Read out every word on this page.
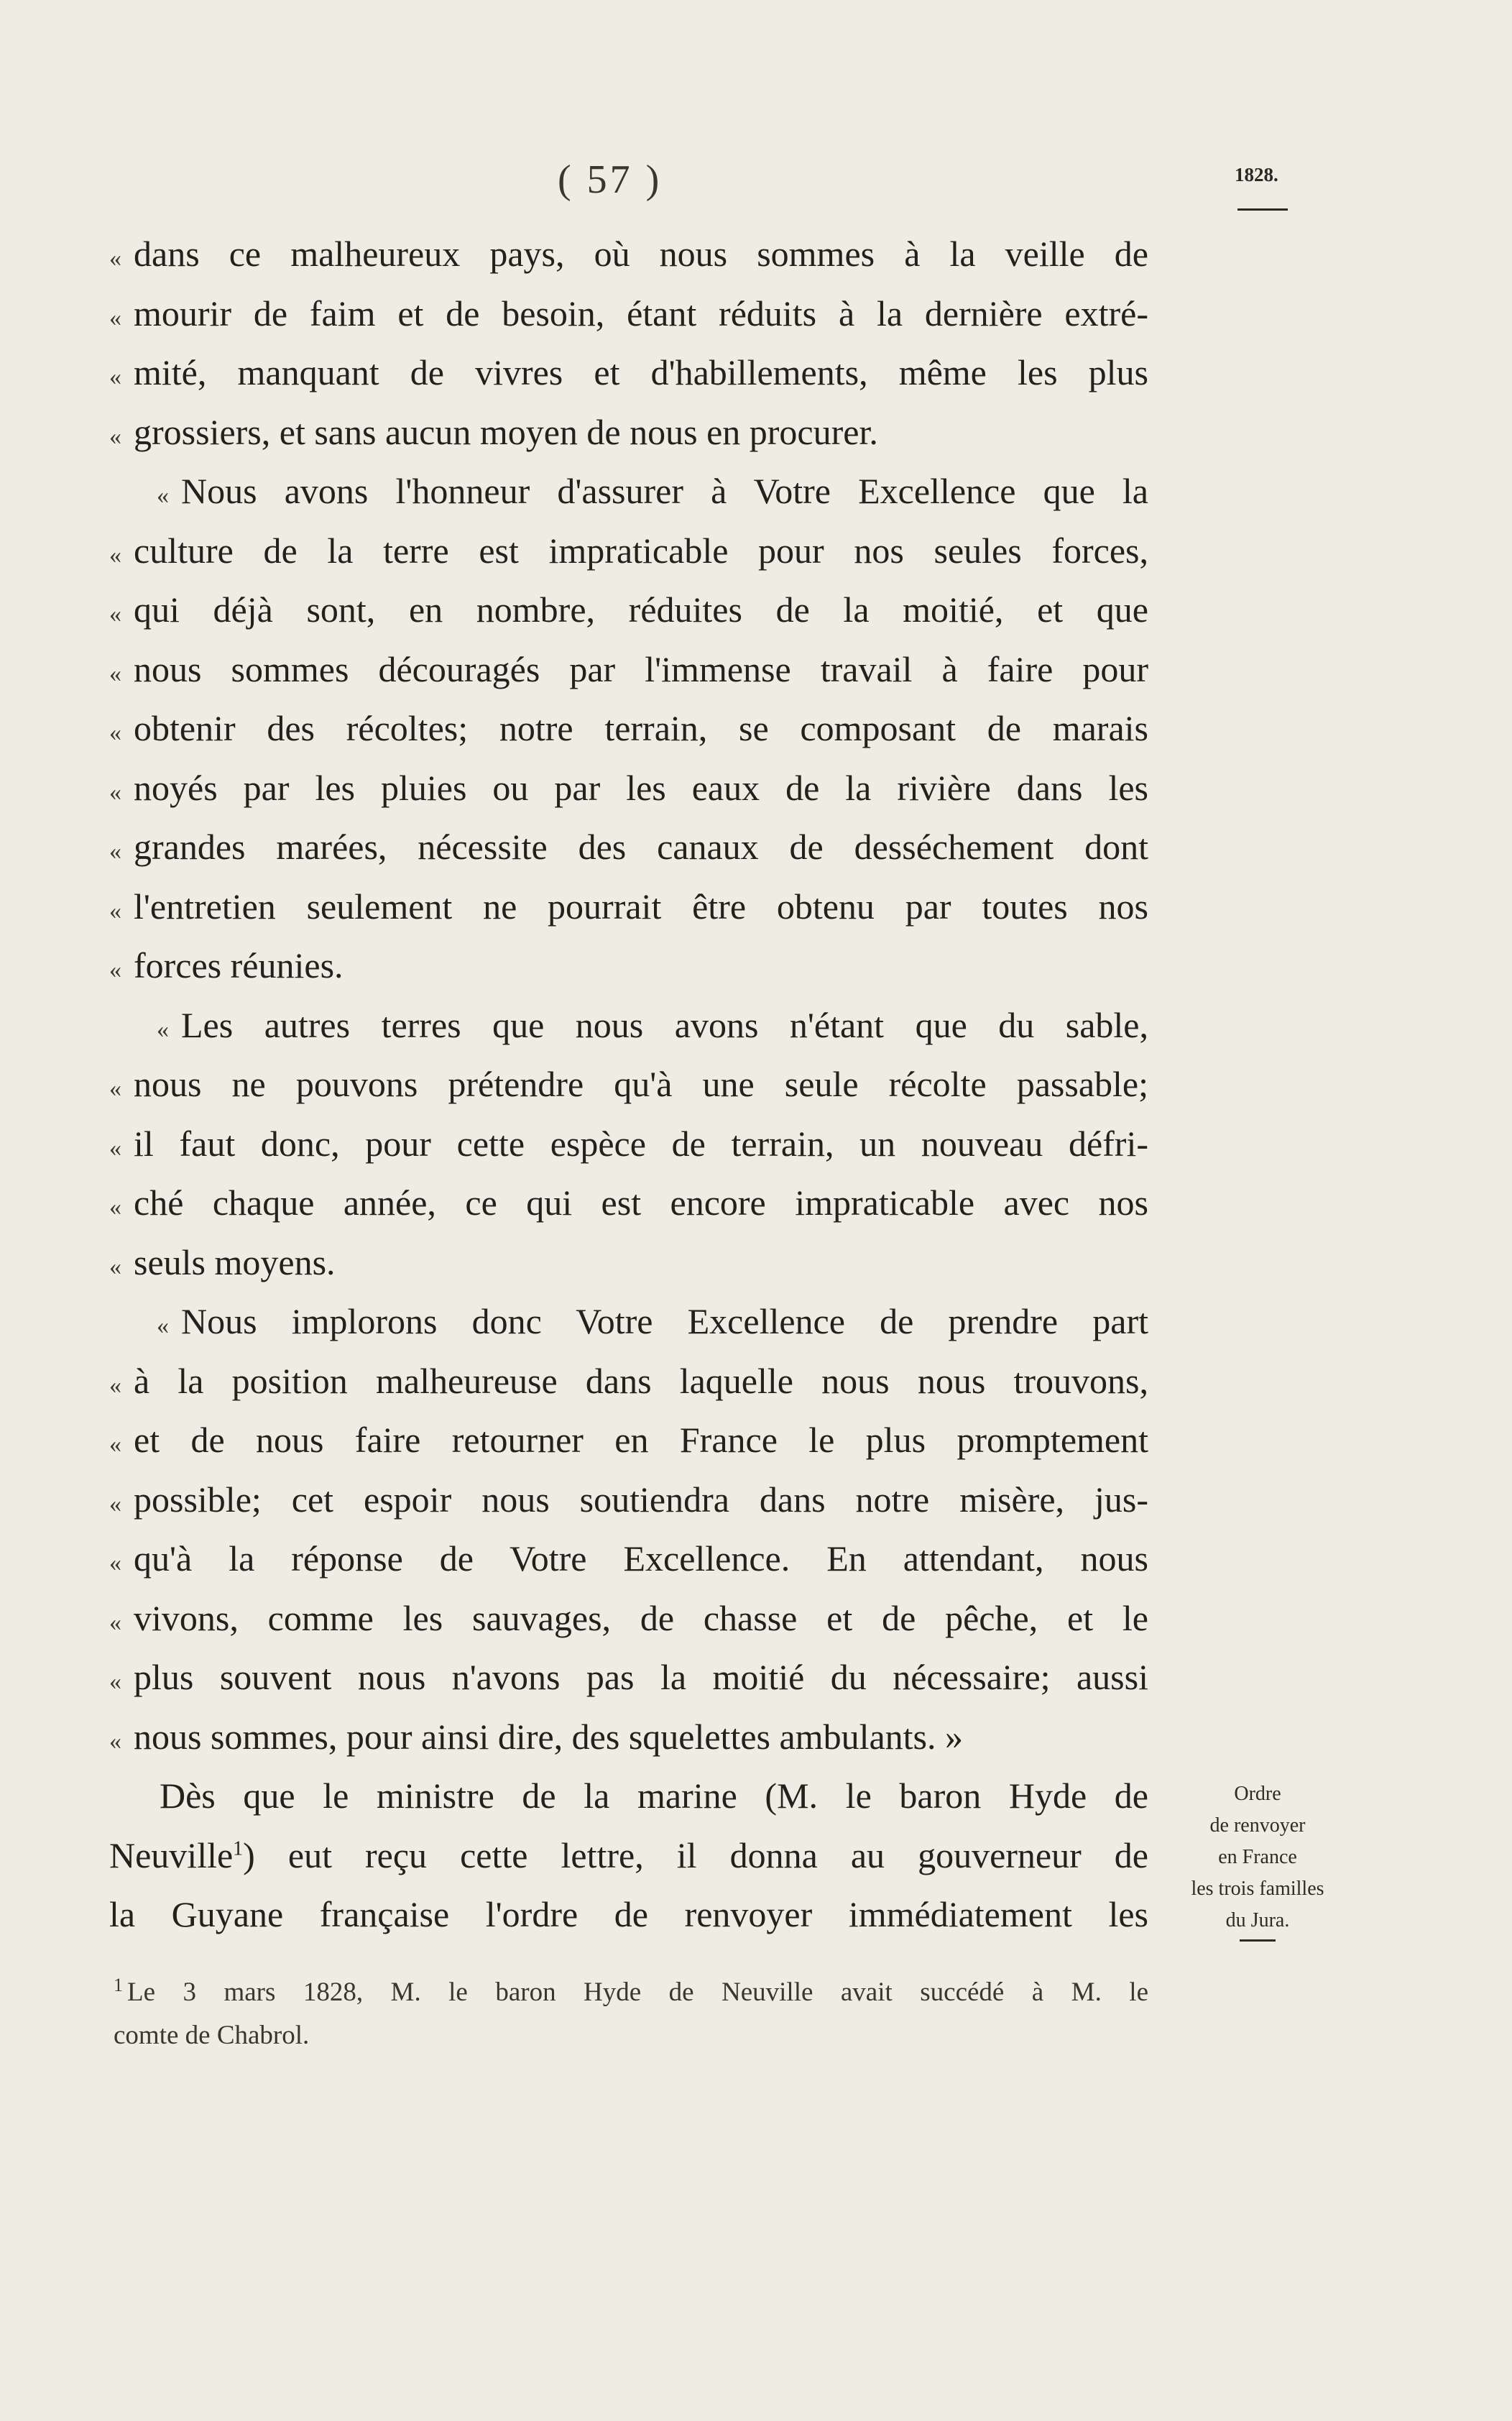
( 57 )	1828.
« dans ce malheureux pays, où nous sommes à la veille de
« mourir de faim et de besoin, étant réduits à la dernière extré-
« mité, manquant de vivres et d'habillements, même les plus
« grossiers, et sans aucun moyen de nous en procurer.
« Nous avons l'honneur d'assurer à Votre Excellence que la
« culture de la terre est impraticable pour nos seules forces,
« qui déjà sont, en nombre, réduites de la moitié, et que
« nous sommes découragés par l'immense travail à faire pour
« obtenir des récoltes; notre terrain, se composant de marais
« noyés par les pluies ou par les eaux de la rivière dans les
« grandes marées, nécessite des canaux de desséchement dont
« l'entretien seulement ne pourrait être obtenu par toutes nos
« forces réunies.
« Les autres terres que nous avons n'étant que du sable,
« nous ne pouvons prétendre qu'à une seule récolte passable;
« il faut donc, pour cette espèce de terrain, un nouveau défri-
« ché chaque année, ce qui est encore impraticable avec nos
« seuls moyens.
« Nous implorons donc Votre Excellence de prendre part
« à la position malheureuse dans laquelle nous nous trouvons,
« et de nous faire retourner en France le plus promptement
« possible; cet espoir nous soutiendra dans notre misère, jus-
« qu'à la réponse de Votre Excellence. En attendant, nous
« vivons, comme les sauvages, de chasse et de pêche, et le
« plus souvent nous n'avons pas la moitié du nécessaire; aussi
« nous sommes, pour ainsi dire, des squelettes ambulants. »
Dès que le ministre de la marine (M. le baron Hyde de
Neuville$^1$) eut reçu cette lettre, il donna au gouverneur de
la Guyane française l'ordre de renvoyer immédiatement les
Ordre
de renvoyer
en France
les trois familles
du Jura.
$^1$ Le 3 mars 1828, M. le baron Hyde de Neuville avait succédé à M. le
comte de Chabrol.
